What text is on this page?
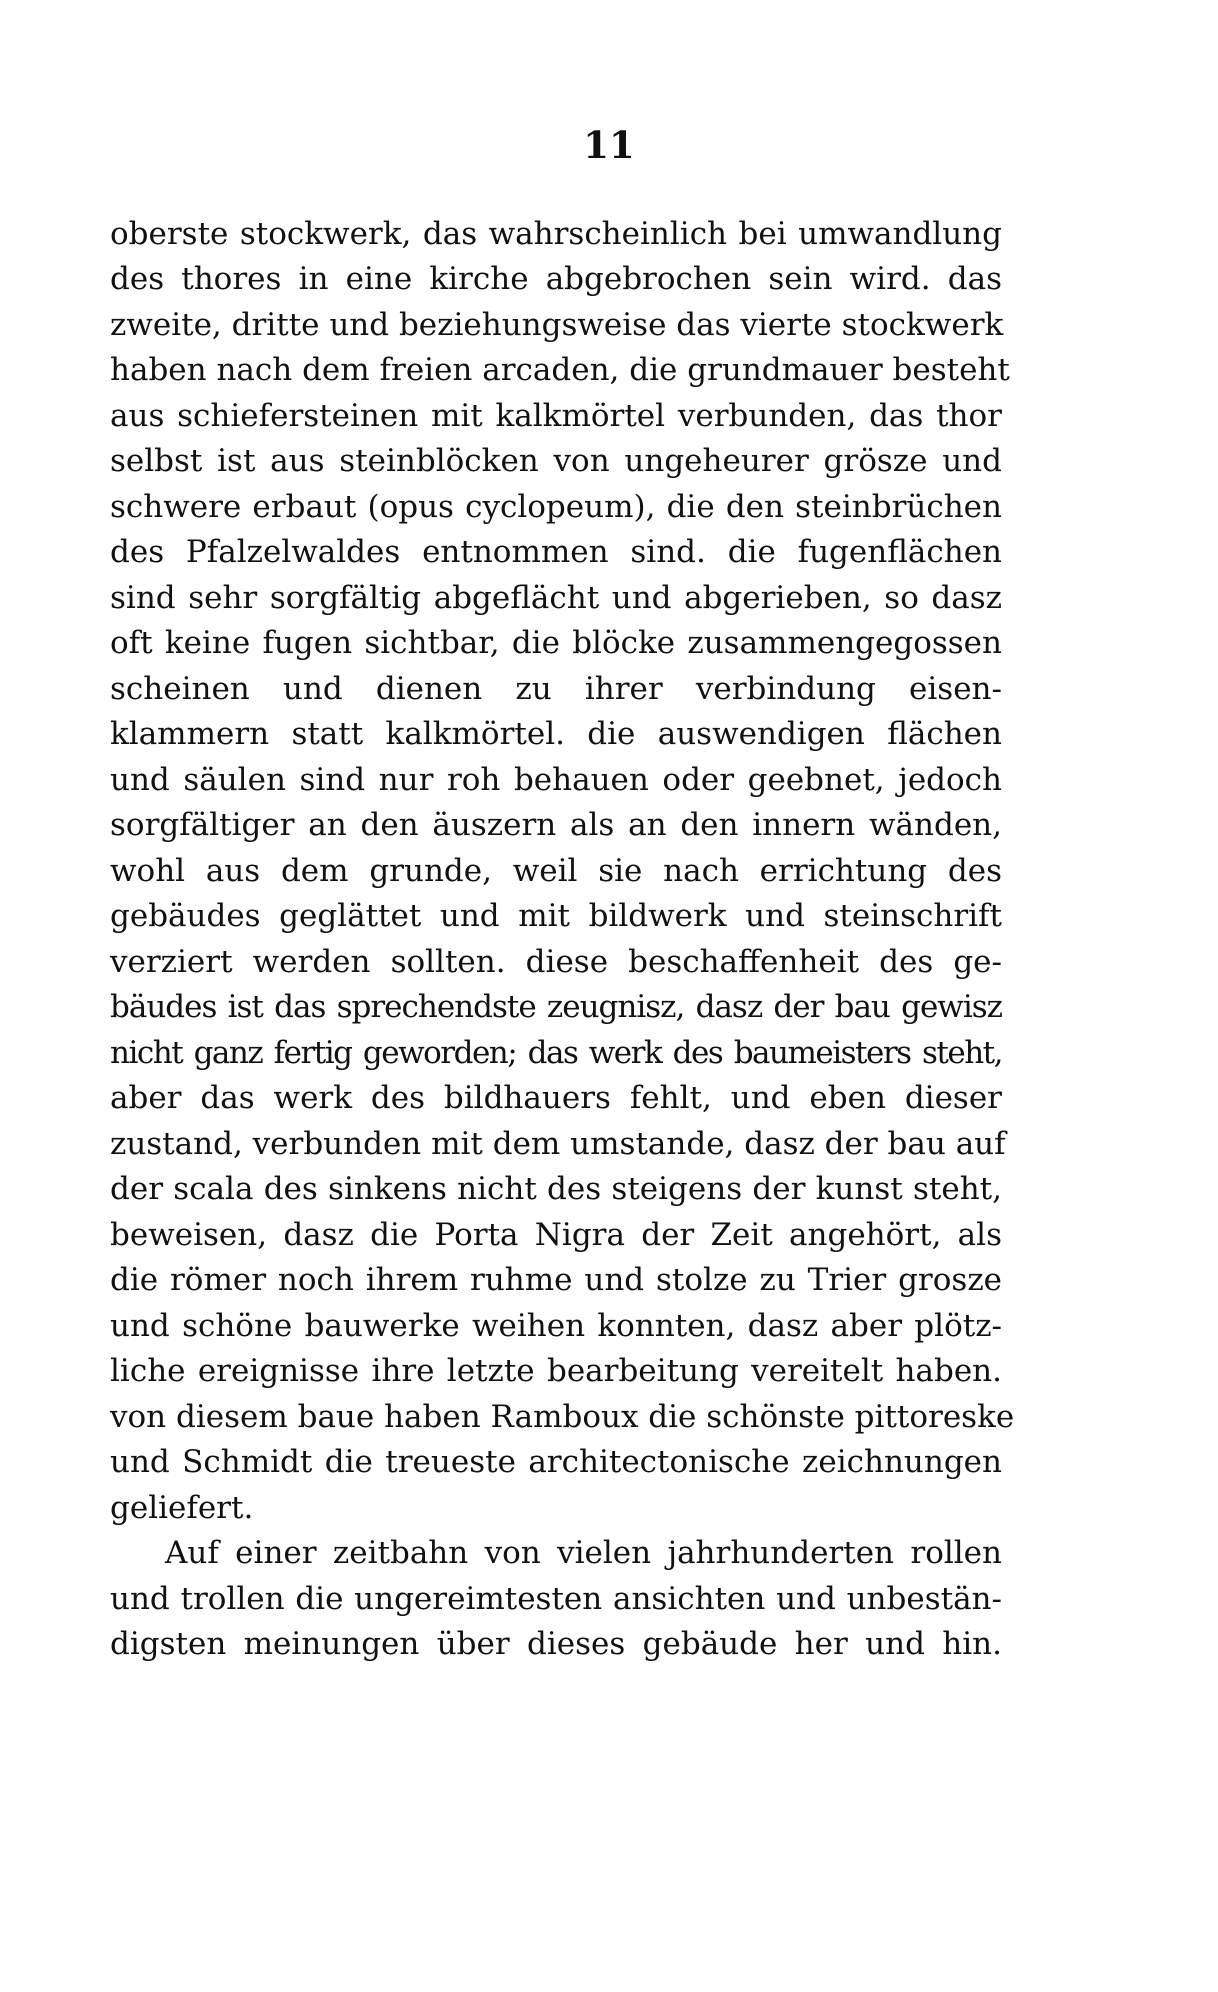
11
oberste stockwerk, das wahrscheinlich bei umwandlung
des thores in eine kirche abgebrochen sein wird. das
zweite, dritte und beziehungsweise das vierte stockwerk
haben nach dem freien arcaden, die grundmauer besteht
aus schiefersteinen mit kalkmörtel verbunden, das thor
selbst ist aus steinblöcken von ungeheurer grösze und
schwere erbaut (opus cyclopeum), die den steinbrüchen
des Pfalzelwaldes entnommen sind. die fugenflächen
sind sehr sorgfältig abgeflächt und abgerieben, so dasz
oft keine fugen sichtbar, die blöcke zusammengegossen
scheinen und dienen zu ihrer verbindung eisen-
klammern statt kalkmörtel. die auswendigen flächen
und säulen sind nur roh behauen oder geebnet, jedoch
sorgfältiger an den äuszern als an den innern wänden,
wohl aus dem grunde, weil sie nach errichtung des
gebäudes geglättet und mit bildwerk und steinschrift
verziert werden sollten. diese beschaffenheit des ge-
bäudes ist das sprechendste zeugnisz, dasz der bau gewisz
nicht ganz fertig geworden; das werk des baumeisters steht,
aber das werk des bildhauers fehlt, und eben dieser
zustand, verbunden mit dem umstande, dasz der bau auf
der scala des sinkens nicht des steigens der kunst steht,
beweisen, dasz die Porta Nigra der Zeit angehört, als
die römer noch ihrem ruhme und stolze zu Trier grosze
und schöne bauwerke weihen konnten, dasz aber plötz-
liche ereignisse ihre letzte bearbeitung vereitelt haben.
von diesem baue haben Ramboux die schönste pittoreske
und Schmidt die treueste architectonische zeichnungen
geliefert.
Auf einer zeitbahn von vielen jahrhunderten rollen
und trollen die ungereimtesten ansichten und unbestän-
digsten meinungen über dieses gebäude her und hin.
